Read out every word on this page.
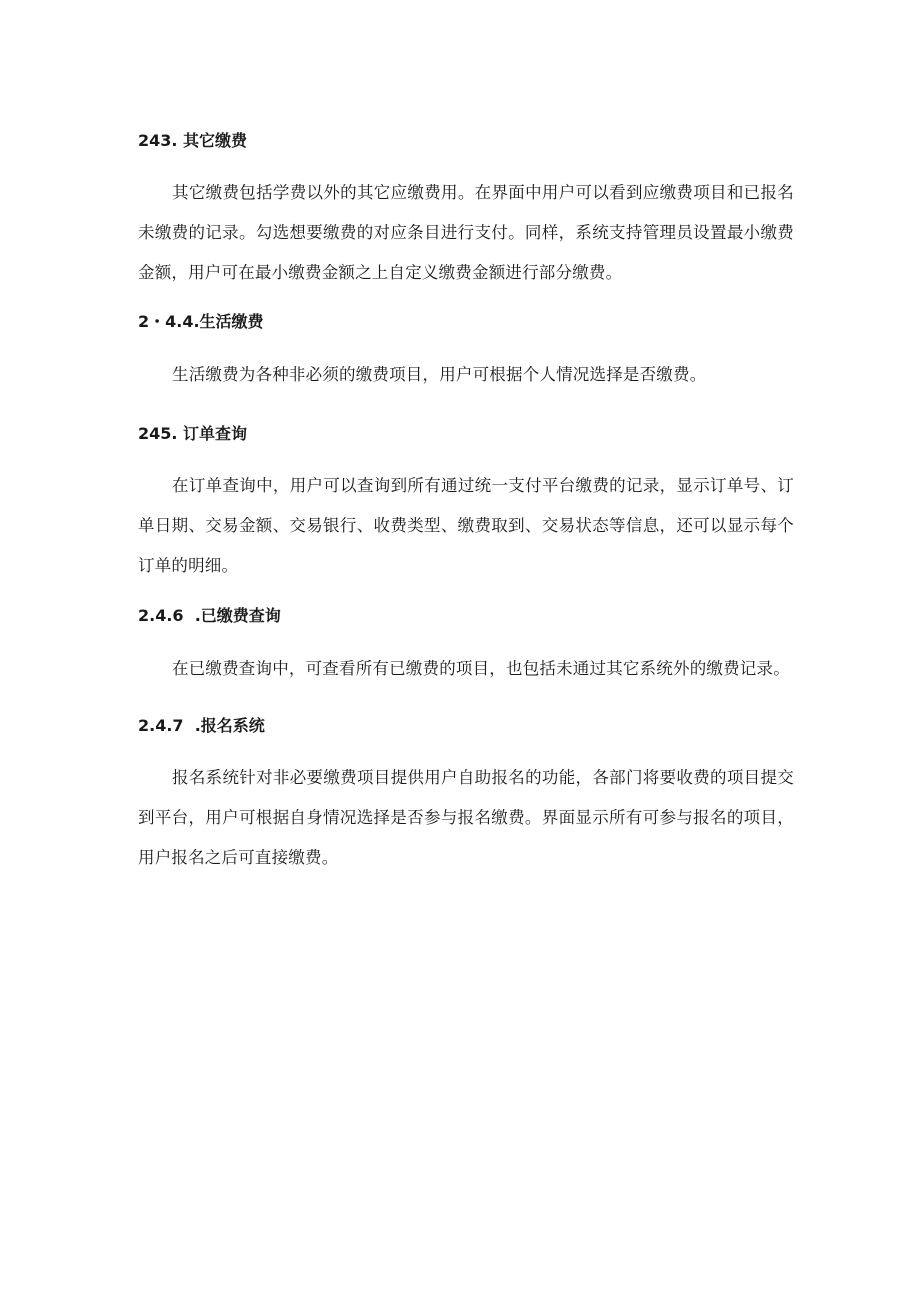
243. 其它缴费

其它缴费包括学费以外的其它应缴费用。在界面中用户可以看到应缴费项目和已报名未缴费的记录。勾选想要缴费的对应条目进行支付。同样，系统支持管理员设置最小缴费金额，用户可在最小缴费金额之上自定义缴费金额进行部分缴费。

2・4.4.生活缴费

生活缴费为各种非必须的缴费项目，用户可根据个人情况选择是否缴费。

245. 订单查询

在订单查询中，用户可以查询到所有通过统一支付平台缴费的记录，显示订单号、订单日期、交易金额、交易银行、收费类型、缴费取到、交易状态等信息，还可以显示每个订单的明细。

2.4.6  .已缴费查询

在已缴费查询中，可查看所有已缴费的项目，也包括未通过其它系统外的缴费记录。

2.4.7  .报名系统

报名系统针对非必要缴费项目提供用户自助报名的功能，各部门将要收费的项目提交到平台，用户可根据自身情况选择是否参与报名缴费。界面显示所有可参与报名的项目，用户报名之后可直接缴费。
